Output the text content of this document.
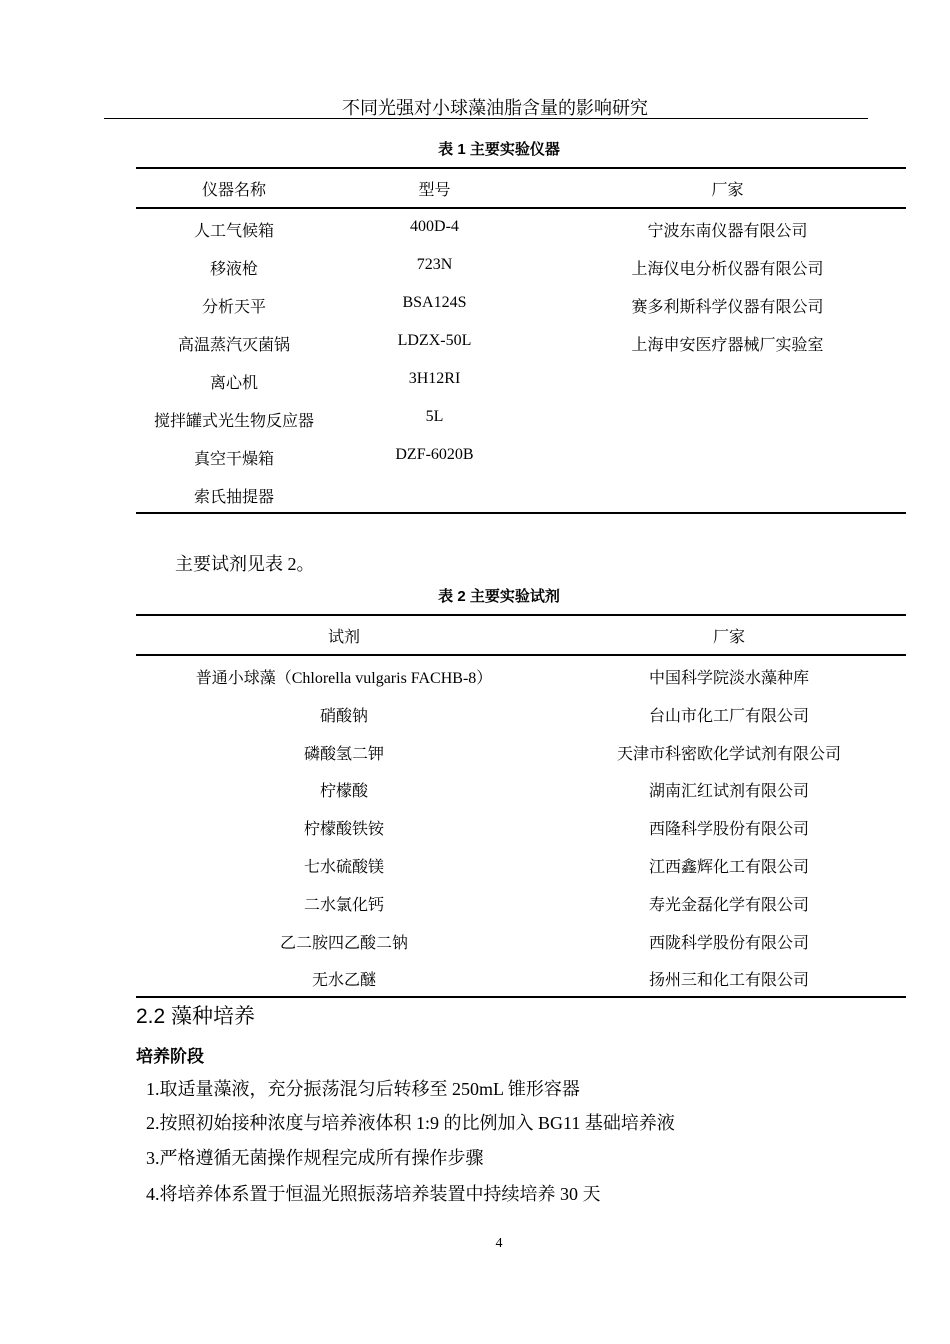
不同光强对小球藻油脂含量的影响研究
表 1 主要实验仪器
仪器名称	型号	厂家
人工气候箱	400D-4	宁波东南仪器有限公司
移液枪	723N	上海仪电分析仪器有限公司
分析天平	BSA124S	赛多利斯科学仪器有限公司
高温蒸汽灭菌锅	LDZX-50L	上海申安医疗器械厂实验室
离心机	3H12RI
搅拌罐式光生物反应器	5L
真空干燥箱	DZF-6020B
索氏抽提器
主要试剂见表 2。
表 2 主要实验试剂
试剂	厂家
普通小球藻（Chlorella vulgaris FACHB-8）	中国科学院淡水藻种库
硝酸钠	台山市化工厂有限公司
磷酸氢二钾	天津市科密欧化学试剂有限公司
柠檬酸	湖南汇红试剂有限公司
柠檬酸铁铵	西隆科学股份有限公司
七水硫酸镁	江西鑫辉化工有限公司
二水氯化钙	寿光金磊化学有限公司
乙二胺四乙酸二钠	西陇科学股份有限公司
无水乙醚	扬州三和化工有限公司
2.2 藻种培养
培养阶段
1.取适量藻液，充分振荡混匀后转移至 250mL 锥形容器
2.按照初始接种浓度与培养液体积 1:9 的比例加入 BG11 基础培养液
3.严格遵循无菌操作规程完成所有操作步骤
4.将培养体系置于恒温光照振荡培养装置中持续培养 30 天
4
